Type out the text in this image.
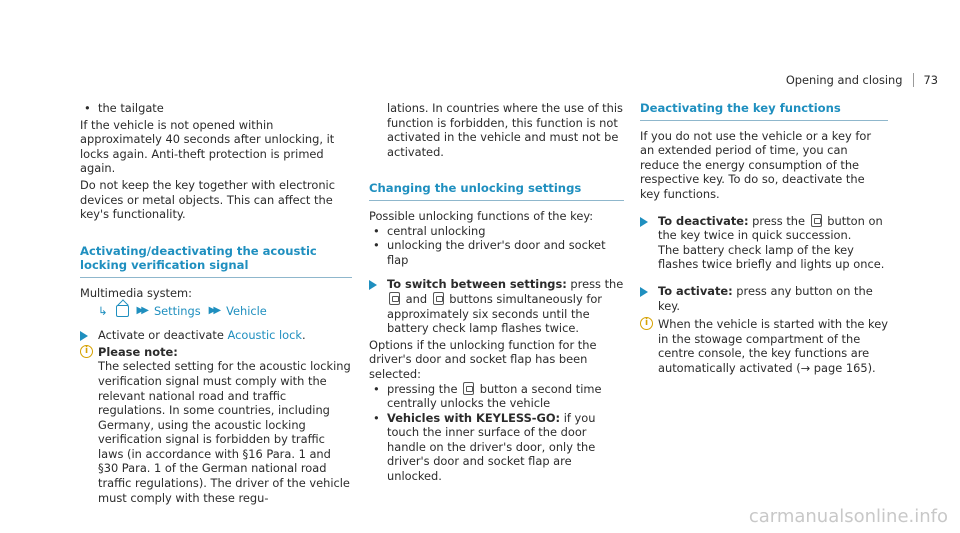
Opening and closing 73

• the tailgate

If the vehicle is not opened within approximately 40 seconds after unlocking, it locks again. Anti-theft protection is primed again.

Do not keep the key together with electronic devices or metal objects. This can affect the key's functionality.

Activating/deactivating the acoustic locking verification signal

Multimedia system:

↳	▶▶ Settings ▶▶ Vehicle

Activate or deactivate Acoustic lock.

i Please note:

The selected setting for the acoustic locking verification signal must comply with the relevant national road and traffic regulations. In some countries, including Germany, using the acoustic locking verification signal is forbidden by traffic laws (in accordance with §16 Para. 1 and §30 Para. 1 of the German national road traffic regulations). The driver of the vehicle must comply with these regu-

lations. In countries where the use of this function is forbidden, this function is not activated in the vehicle and must not be activated.

Changing the unlocking settings

Possible unlocking functions of the key:

• central unlocking

• unlocking the driver's door and socket flap

To switch between settings: press the  and  buttons simultaneously for approximately six seconds until the battery check lamp flashes twice.

Options if the unlocking function for the driver's door and socket flap has been selected:

• pressing the  button a second time centrally unlocks the vehicle

• Vehicles with KEYLESS-GO: if you touch the inner surface of the door handle on the driver's door, only the driver's door and socket flap are unlocked.

Deactivating the key functions

If you do not use the vehicle or a key for an extended period of time, you can reduce the energy consumption of the respective key. To do so, deactivate the key functions.

To deactivate: press the  button on the key twice in quick succession.

The battery check lamp of the key flashes twice briefly and lights up once.

To activate: press any button on the key.

i When the vehicle is started with the key in the stowage compartment of the centre console, the key functions are automatically activated (→ page 165).

carmanualsonline.info
